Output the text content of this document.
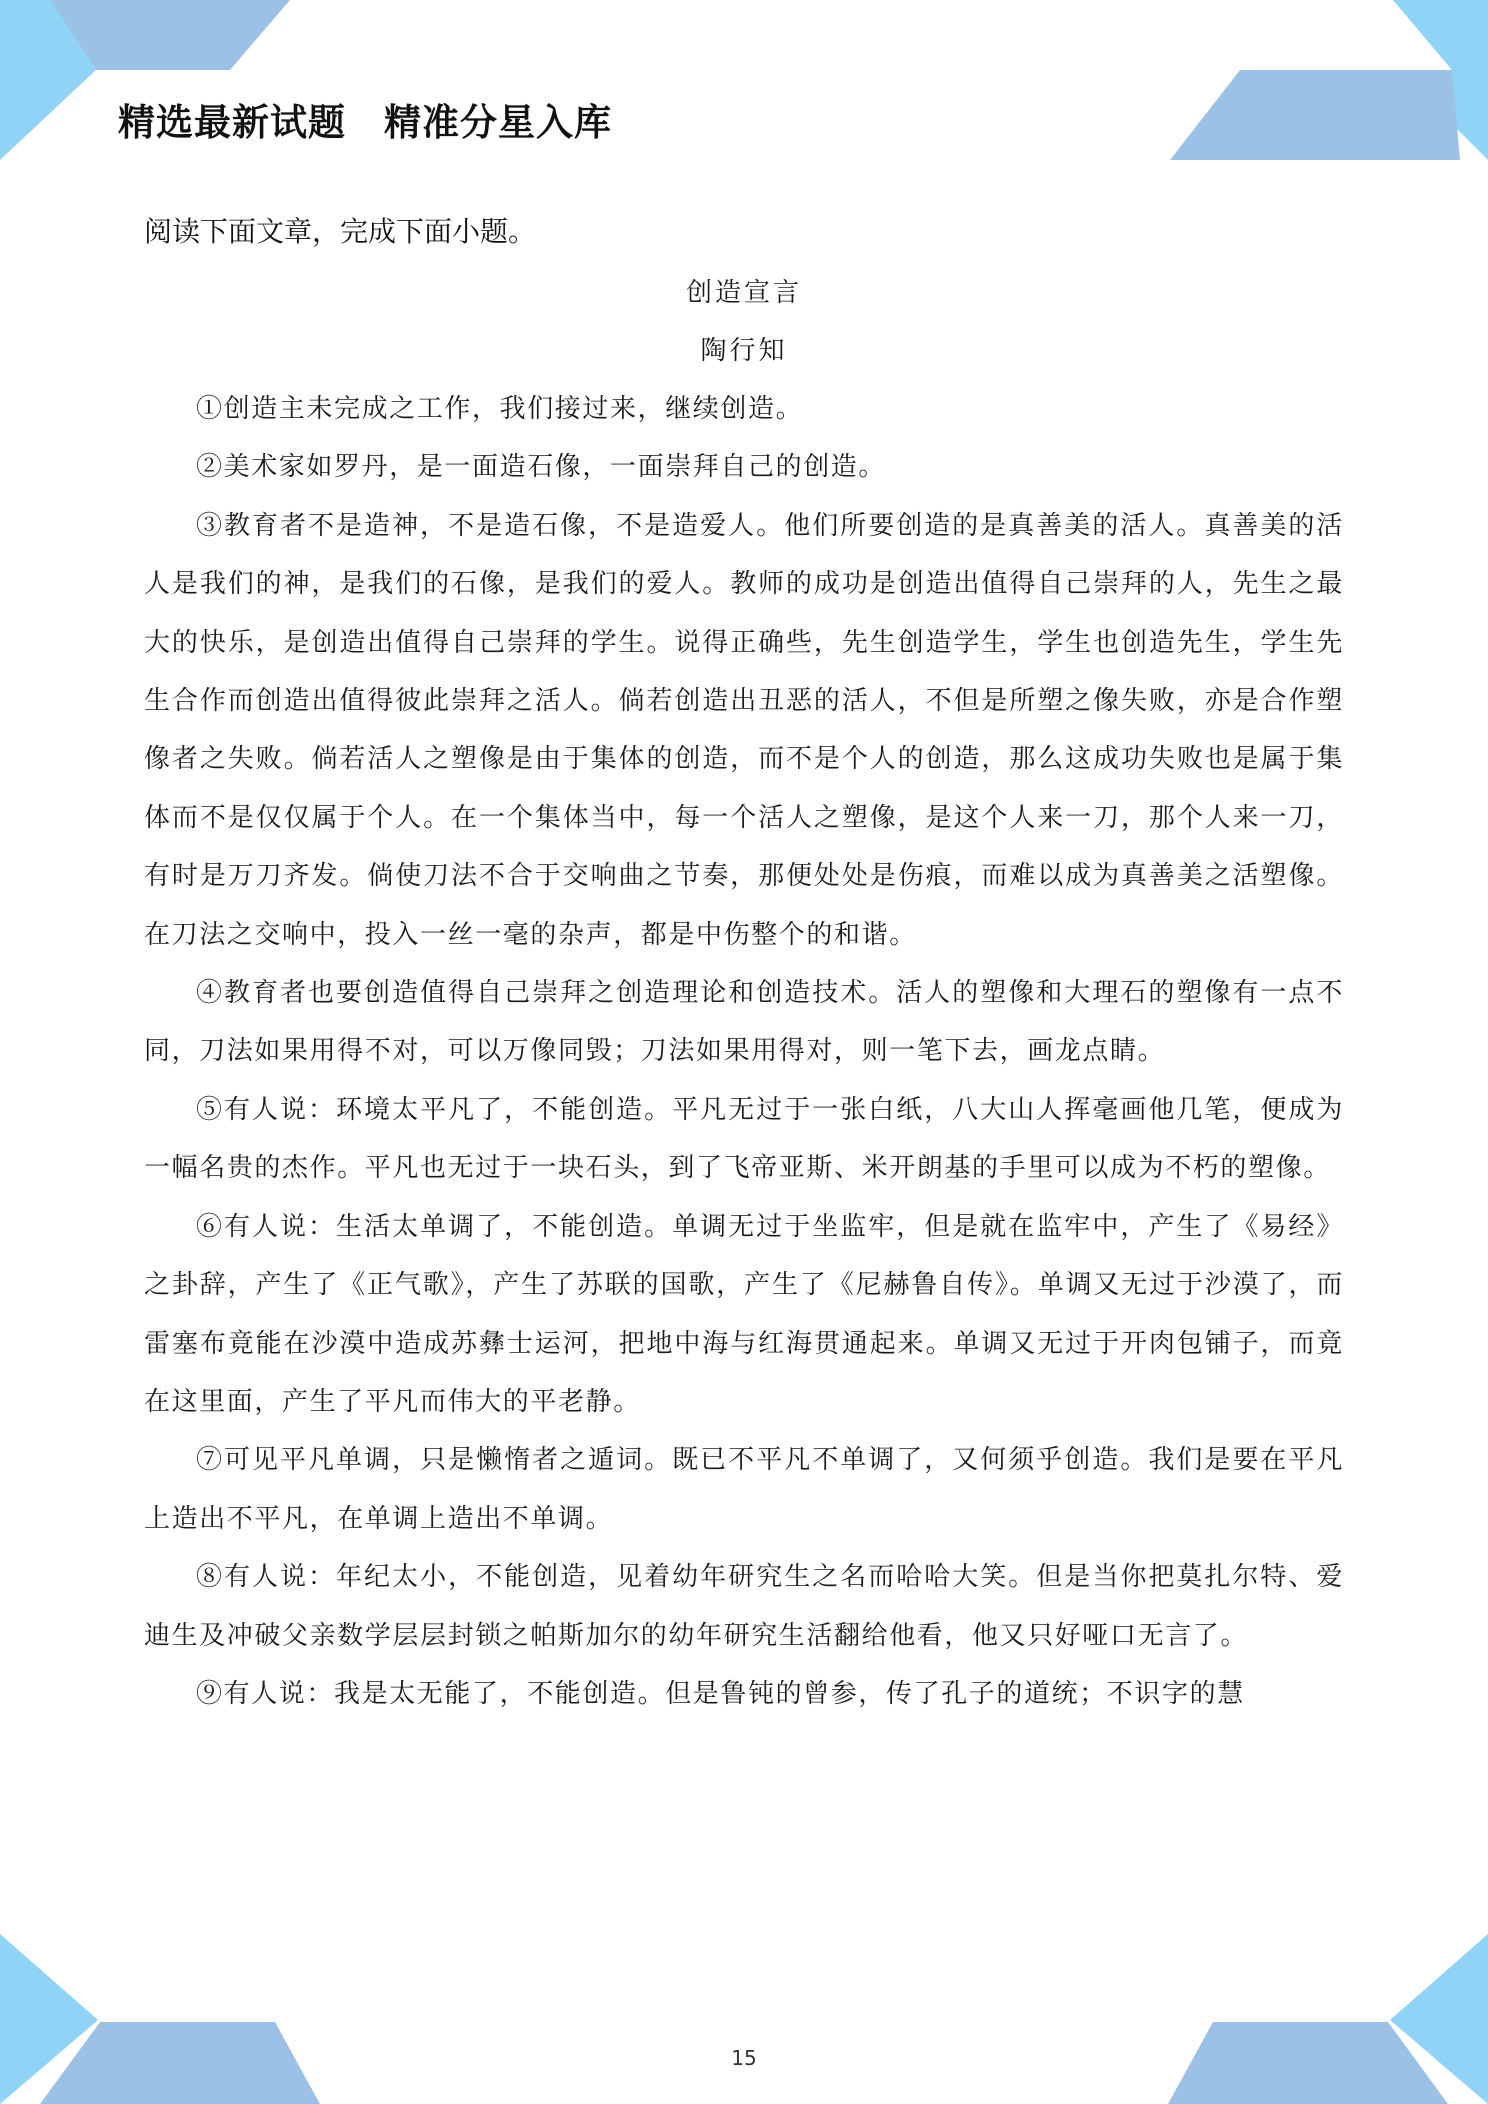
精选最新试题　精准分星入库
阅读下面文章，完成下面小题。
创造宣言
陶行知

①创造主未完成之工作，我们接过来，继续创造。

②美术家如罗丹，是一面造石像，一面崇拜自己的创造。

③教育者不是造神，不是造石像，不是造爱人。他们所要创造的是真善美的活人。真善美的活人是我们的神，是我们的石像，是我们的爱人。教师的成功是创造出值得自己崇拜的人，先生之最大的快乐，是创造出值得自己崇拜的学生。说得正确些，先生创造学生，学生也创造先生，学生先生合作而创造出值得彼此崇拜之活人。倘若创造出丑恶的活人，不但是所塑之像失败，亦是合作塑像者之失败。倘若活人之塑像是由于集体的创造，而不是个人的创造，那么这成功失败也是属于集体而不是仅仅属于个人。在一个集体当中，每一个活人之塑像，是这个人来一刀，那个人来一刀，有时是万刀齐发。倘使刀法不合于交响曲之节奏，那便处处是伤痕，而难以成为真善美之活塑像。在刀法之交响中，投入一丝一毫的杂声，都是中伤整个的和谐。

④教育者也要创造值得自己崇拜之创造理论和创造技术。活人的塑像和大理石的塑像有一点不同，刀法如果用得不对，可以万像同毁；刀法如果用得对，则一笔下去，画龙点睛。

⑤有人说：环境太平凡了，不能创造。平凡无过于一张白纸，八大山人挥毫画他几笔，便成为一幅名贵的杰作。平凡也无过于一块石头，到了飞帝亚斯、米开朗基的手里可以成为不朽的塑像。

⑥有人说：生活太单调了，不能创造。单调无过于坐监牢，但是就在监牢中，产生了《易经》之卦辞，产生了《正气歌》，产生了苏联的国歌，产生了《尼赫鲁自传》。单调又无过于沙漠了，而雷塞布竟能在沙漠中造成苏彝士运河，把地中海与红海贯通起来。单调又无过于开肉包铺子，而竟在这里面，产生了平凡而伟大的平老静。

⑦可见平凡单调，只是懒惰者之遁词。既已不平凡不单调了，又何须乎创造。我们是要在平凡上造出不平凡，在单调上造出不单调。

⑧有人说：年纪太小，不能创造，见着幼年研究生之名而哈哈大笑。但是当你把莫扎尔特、爱迪生及冲破父亲数学层层封锁之帕斯加尔的幼年研究生活翻给他看，他又只好哑口无言了。

⑨有人说：我是太无能了，不能创造。但是鲁钝的曾参，传了孔子的道统；不识字的慧

15
